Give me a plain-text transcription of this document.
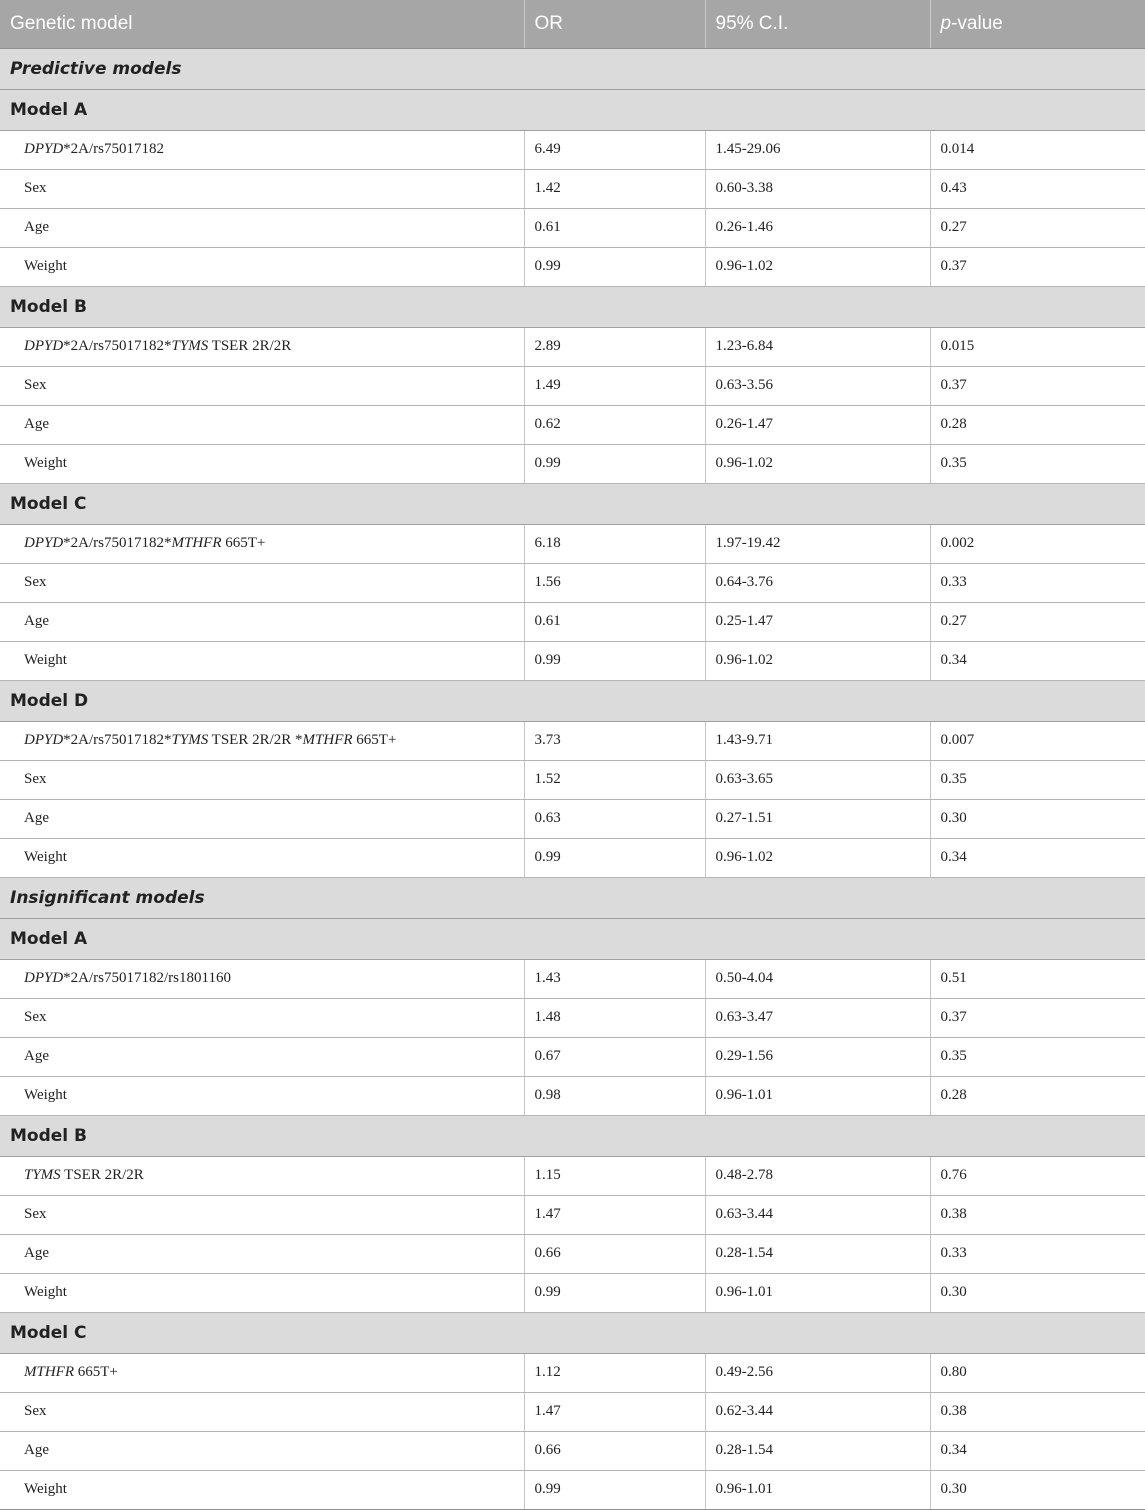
Genetic model	OR	95% C.I.	p-value
Predictive models			
Model A			
DPYD*2A/rs75017182	6.49	1.45-29.06	0.014
Sex	1.42	0.60-3.38	0.43
Age	0.61	0.26-1.46	0.27
Weight	0.99	0.96-1.02	0.37
Model B			
DPYD*2A/rs75017182*TYMS TSER 2R/2R	2.89	1.23-6.84	0.015
Sex	1.49	0.63-3.56	0.37
Age	0.62	0.26-1.47	0.28
Weight	0.99	0.96-1.02	0.35
Model C			
DPYD*2A/rs75017182*MTHFR 665T+	6.18	1.97-19.42	0.002
Sex	1.56	0.64-3.76	0.33
Age	0.61	0.25-1.47	0.27
Weight	0.99	0.96-1.02	0.34
Model D			
DPYD*2A/rs75017182*TYMS TSER 2R/2R *MTHFR 665T+	3.73	1.43-9.71	0.007
Sex	1.52	0.63-3.65	0.35
Age	0.63	0.27-1.51	0.30
Weight	0.99	0.96-1.02	0.34
Insignificant models			
Model A			
DPYD*2A/rs75017182/rs1801160	1.43	0.50-4.04	0.51
Sex	1.48	0.63-3.47	0.37
Age	0.67	0.29-1.56	0.35
Weight	0.98	0.96-1.01	0.28
Model B			
TYMS TSER 2R/2R	1.15	0.48-2.78	0.76
Sex	1.47	0.63-3.44	0.38
Age	0.66	0.28-1.54	0.33
Weight	0.99	0.96-1.01	0.30
Model C			
MTHFR 665T+	1.12	0.49-2.56	0.80
Sex	1.47	0.62-3.44	0.38
Age	0.66	0.28-1.54	0.34
Weight	0.99	0.96-1.01	0.30
